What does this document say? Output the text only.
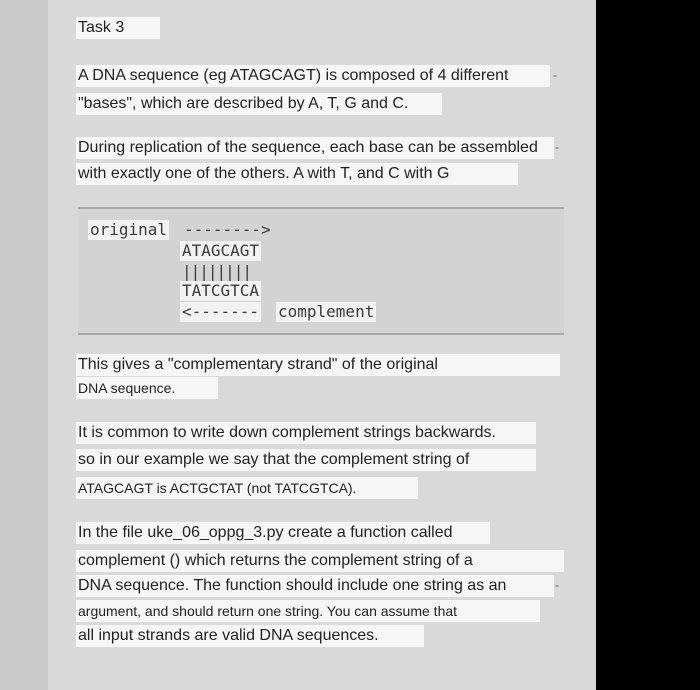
Task 3
A DNA sequence (eg ATAGCAGT) is composed of 4 different
"bases", which are described by A, T, G and C.
-
During replication of the sequence, each base can be assembled
with exactly one of the others. A with T, and C with G
-
original -------->
ATAGCAGT
||||||||
TATCGTCA
<------- complement
This gives a "complementary strand" of the original
DNA sequence.
It is common to write down complement strings backwards.
so in our example we say that the complement string of
ATAGCAGT is ACTGCTAT (not TATCGTCA).
In the file uke_06_oppg_3.py create a function called
complement () which returns the complement string of a
DNA sequence. The function should include one string as an
argument, and should return one string. You can assume that
all input strands are valid DNA sequences.
-
